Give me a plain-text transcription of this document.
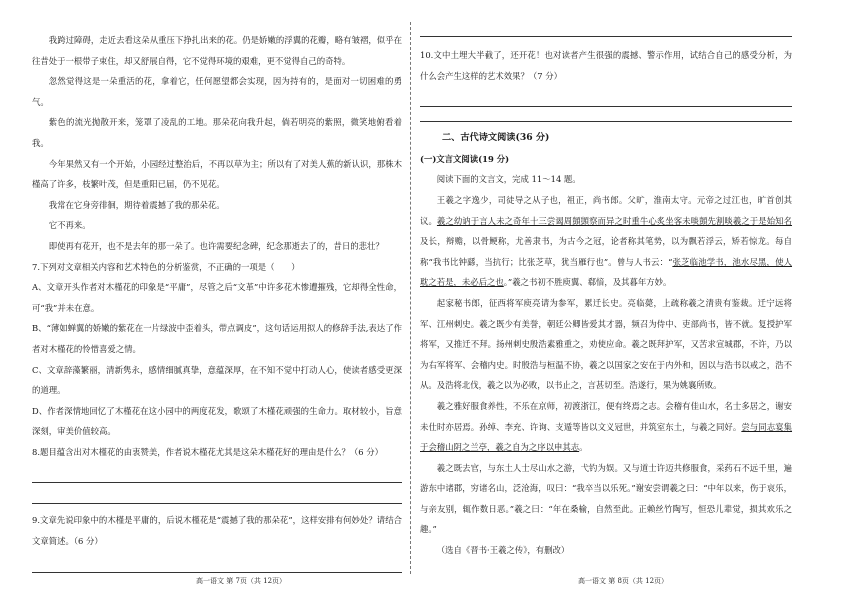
我跨过障碍，走近去看这朵从重压下挣扎出来的花。仍是娇嫩的浮翼的花瓣，略有皱褶，似乎在往昔处于一根带子束住，却又舒展自得，它不觉得环境的艰难，更不觉得自己的奇特。

忽然觉得这是一朵重活的花，拿着它，任何愿望都会实现，因为持有的，是面对一切困难的勇气。

紫色的流光抛散开来，笼罩了凌乱的工地。那朵花向我升起，倘若明亮的紫照，微笑地俯看着我。

今年果然又有一个开始，小园经过整治后，不再以草为主；所以有了对美人蕉的新认识，那株木槿高了许多，枝繁叶茂，但是重阳已届，仍不见花。

我常在它身旁徘徊，期待着震撼了我的那朵花。

它不再来。

即使再有花开，也不是去年的那一朵了。也许需要纪念碑，纪念那逝去了的，昔日的悲壮？

7.下列对文章相关内容和艺术特色的分析鉴赏，不正确的一项是（　　）

A、文章开头作者对木槿花的印象是“平庸”，尽管之后“文革”中许多花木惨遭摧残，它却得全性命，可“我”并未在意。

B、“薄如蝉翼的娇嫩的紫花在一片绿波中歪着头，带点调皮”，这句话运用拟人的修辞手法,表达了作者对木槿花的怜惜喜爱之情。

C、文章辞藻繁丽，清新隽永，感情细腻真挚，意蕴深厚，在不知不觉中打动人心，使读者感受更深的道理。

D、作者深情地回忆了木槿花在这小园中的两度花发，歌颂了木槿花顽强的生命力。取材较小，旨意深刻，审美价值较高。

8.题目蕴含出对木槿花的由衷赞美，作者说木槿花尤其是这朵木槿花好的理由是什么？（6 分）

9.文章先说印象中的木槿是平庸的，后说木槿花是“震撼了我的那朵花”，这样安排有何妙处？请结合文章简述。（6 分）

10.文中土埋大半截了，还开花！也对读者产生很强的震撼、警示作用，试结合自己的感受分析，为什么会产生这样的艺术效果？（7 分）

二、古代诗文阅读(36 分)

(一)文言文阅读(19 分)

阅读下面的文言文，完成 11～14 题。

王羲之字逸少，司徒导之从子也，祖正，尚书郎。父旷，淮南太守。元帝之过江也，旷首创其议。羲之幼讷于言人未之奇年十三尝谒周顗顗察而异之时重牛心炙坐客未啖顗先割啖羲之于是始知名及长，辩赡，以骨鲠称，尤善隶书，为古今之冠，论者称其笔势，以为飘若浮云，矫若惊龙。每自称“我书比钟繇，当抗行；比张芝草，犹当雁行也”。曾与人书云：“张芝临池学书，池水尽黑，使人耽之若是，未必后之也。”羲之书初不胜庾翼、郗愔，及其暮年方妙。

起家秘书郎，征西将军庾亮请为参军，累迁长史。亮临薨，上疏称羲之清贵有鉴裁。迁宁远将军、江州刺史。羲之既少有美誉，朝廷公卿皆爱其才器，频召为侍中、吏部尚书，皆不就。复授护军将军，又推迁不拜。扬州刺史殷浩素雅重之，劝使应命。羲之既拜护军，又苦求宣城郡，不许，乃以为右军将军、会稽内史。时殷浩与桓温不协，羲之以国家之安在于内外和，因以与浩书以戒之，浩不从。及浩将北伐，羲之以为必败，以书止之，言甚切至。浩遂行，果为姚襄所败。

羲之雅好服食养性，不乐在京师，初渡浙江，便有终焉之志。会稽有佳山水，名士多居之，谢安未仕时亦居焉。孙绰、李充、许询、支遁等皆以文义冠世，并筑室东土，与羲之同好。尝与同志宴集于会稽山阴之兰亭，羲之自为之序以申其志。

羲之既去官，与东土人士尽山水之游，弋钓为娱。又与道士许迈共修服食，采药石不远千里，遍游东中诸郡，穷诸名山，泛沧海，叹曰：“我卒当以乐死。”谢安尝谓羲之曰：“中年以来，伤于哀乐，与亲友别，辄作数日恶。”羲之曰：“年在桑榆，自然至此。正赖丝竹陶写，恒恐儿辈觉，损其欢乐之趣。”

（选自《晋书·王羲之传》，有删改）

高一语文 第 7页（共 12页）	高一语文 第 8页（共 12页）
